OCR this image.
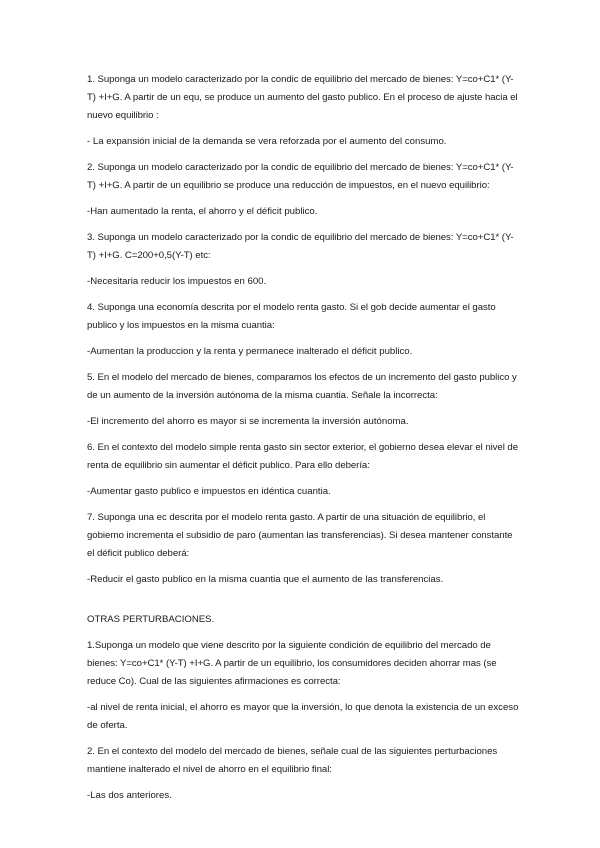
1. Suponga un modelo caracterizado por la condic de equilibrio del mercado de bienes: Y=co+C1* (Y-T) +I+G. A partir de un equ, se produce un aumento del gasto publico. En el proceso de ajuste hacia el nuevo equilibrio :

- La expansión inicial de la demanda se vera reforzada por el aumento del consumo.

2. Suponga un modelo caracterizado por la condic de equilibrio del mercado de bienes: Y=co+C1* (Y-T) +I+G. A partir de un equilibrio se produce una reducción de impuestos, en el nuevo equilibrio:

-Han aumentado la renta, el ahorro y el déficit publico.

3. Suponga un modelo caracterizado por la condic de equilibrio del mercado de bienes: Y=co+C1* (Y-T) +I+G. C=200+0,5(Y-T) etc:

-Necesitaria reducir los impuestos en 600.

4. Suponga una economía descrita por el modelo renta gasto. Si el gob decide aumentar el gasto publico y los impuestos en la misma cuantia:

-Aumentan la produccion y la renta y permanece inalterado el déficit publico.

5. En el modelo del mercado de bienes, comparamos los efectos de un incremento del gasto publico y de un aumento de la inversión autónoma de la misma cuantia. Señale la incorrecta:

-El incremento del ahorro es mayor si se incrementa la inversión autónoma.

6. En el contexto del modelo simple renta gasto sin sector exterior, el gobierno desea elevar el nivel de renta de equilibrio sin aumentar el déficit publico. Para ello debería:

-Aumentar gasto publico e impuestos en idéntica cuantia.

7. Suponga una ec descrita por el modelo renta gasto. A partir de una situación de equilibrio, el gobierno incrementa el subsidio de paro (aumentan las transferencias). Si desea mantener constante el déficit publico deberá:

-Reducir el gasto publico en la misma cuantia que el aumento de las transferencias.

OTRAS PERTURBACIONES.

1.Suponga un modelo que viene descrito por la siguiente condición de equilibrio del mercado de bienes: Y=co+C1* (Y-T) +I+G. A partir de un equilibrio, los consumidores deciden ahorrar mas (se reduce Co). Cual de las siguientes afirmaciones es correcta:

-al nivel de renta inicial, el ahorro es mayor que la inversión, lo que denota la existencia de un exceso de oferta.

2. En el contexto del modelo del mercado de bienes, señale cual de las siguientes perturbaciones mantiene inalterado el nivel de ahorro en el equilibrio final:

-Las dos anteriores.
